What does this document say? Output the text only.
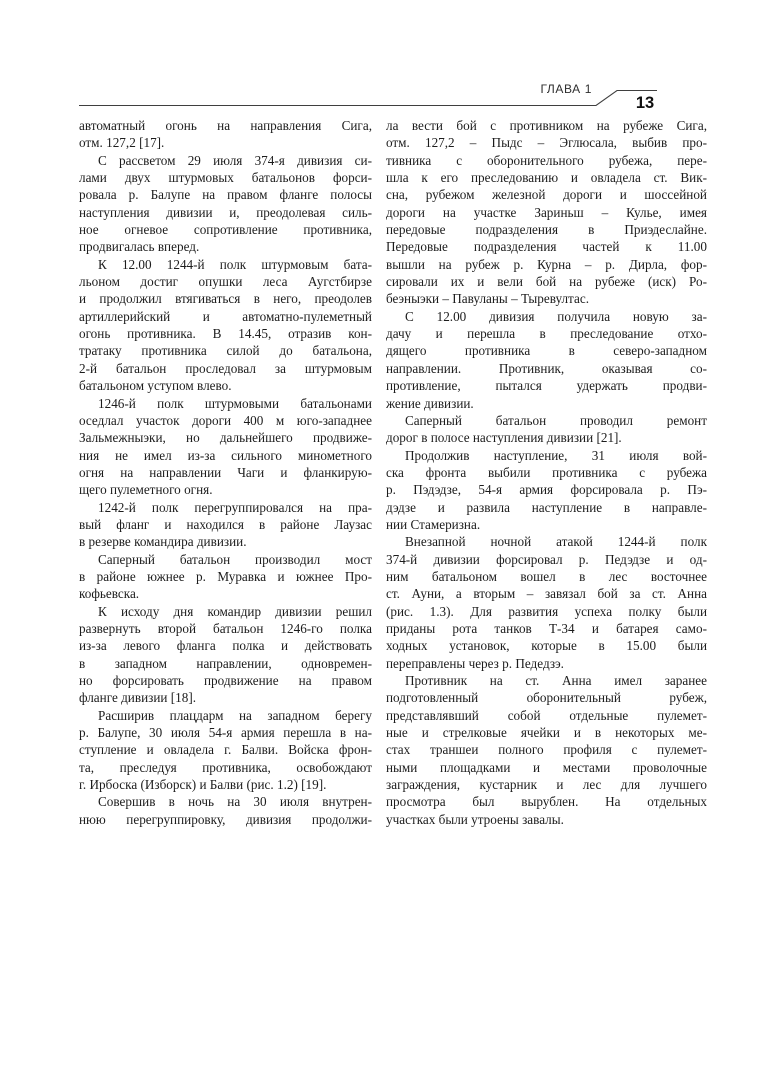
ГЛАВА 1
13

автоматный огонь на направления Сига,
отм. 127,2 [17].

С рассветом 29 июля 374-я дивизия си-
лами двух штурмовых батальонов форси-
ровала р. Балупе на правом фланге полосы
наступления дивизии и, преодолевая силь-
ное огневое сопротивление противника,
продвигалась вперед.

К 12.00 1244-й полк штурмовым бата-
льоном достиг опушки леса Аугстбирзе
и продолжил втягиваться в него, преодолев
артиллерийский и автоматно-пулеметный
огонь противника. В 14.45, отразив кон-
тратаку противника силой до батальона,
2-й батальон проследовал за штурмовым
батальоном уступом влево.

1246-й полк штурмовыми батальонами
оседлал участок дороги 400 м юго-западнее
Зальмежныэки, но дальнейшего продвиже-
ния не имел из-за сильного минометного
огня на направлении Чаги и фланкирую-
щего пулеметного огня.

1242-й полк перегруппировался на пра-
вый фланг и находился в районе Лаузас
в резерве командира дивизии.

Саперный батальон производил мост
в районе южнее р. Муравка и южнее Про-
кофьевска.

К исходу дня командир дивизии решил
развернуть второй батальон 1246-го полка
из-за левого фланга полка и действовать
в западном направлении, одновремен-
но форсировать продвижение на правом
фланге дивизии [18].

Расширив плацдарм на западном берегу
р. Балупе, 30 июля 54-я армия перешла в на-
ступление и овладела г. Балви. Войска фрон-
та, преследуя противника, освобождают
г. Ирбоска (Изборск) и Балви (рис. 1.2) [19].

Совершив в ночь на 30 июля внутрен-
нюю перегруппировку, дивизия продолжи-

ла вести бой с противником на рубеже Сига,
отм. 127,2 – Пыдс – Эглюсала, выбив про-
тивника с оборонительного рубежа, пере-
шла к его преследованию и овладела ст. Вик-
сна, рубежом железной дороги и шоссейной
дороги на участке Зариньш – Кулье, имея
передовые подразделения в Приэдеслайне.
Передовые подразделения частей к 11.00
вышли на рубеж р. Курна – р. Дирла, фор-
сировали их и вели бой на рубеже (иск) Ро-
беэныэки – Павуланы – Тыревултас.

С 12.00 дивизия получила новую за-
дачу и перешла в преследование отхо-
дящего противника в северо-западном
направлении. Противник, оказывая со-
противление, пытался удержать продви-
жение дивизии.

Саперный батальон проводил ремонт
дорог в полосе наступления дивизии [21].

Продолжив наступление, 31 июля вой-
ска фронта выбили противника с рубежа
р. Пэдэдзе, 54-я армия форсировала р. Пэ-
дэдзе и развила наступление в направле-
нии Стамеризна.

Внезапной ночной атакой 1244-й полк
374-й дивизии форсировал р. Педэдзе и од-
ним батальоном вошел в лес восточнее
ст. Ауни, а вторым – завязал бой за ст. Анна
(рис. 1.3). Для развития успеха полку были
приданы рота танков Т-34 и батарея само-
ходных установок, которые в 15.00 были
переправлены через р. Педедзэ.

Противник на ст. Анна имел заранее
подготовленный оборонительный рубеж,
представлявший собой отдельные пулемет-
ные и стрелковые ячейки и в некоторых ме-
стах траншеи полного профиля с пулемет-
ными площадками и местами проволочные
заграждения, кустарник и лес для лучшего
просмотра был вырублен. На отдельных
участках были утроены завалы.
